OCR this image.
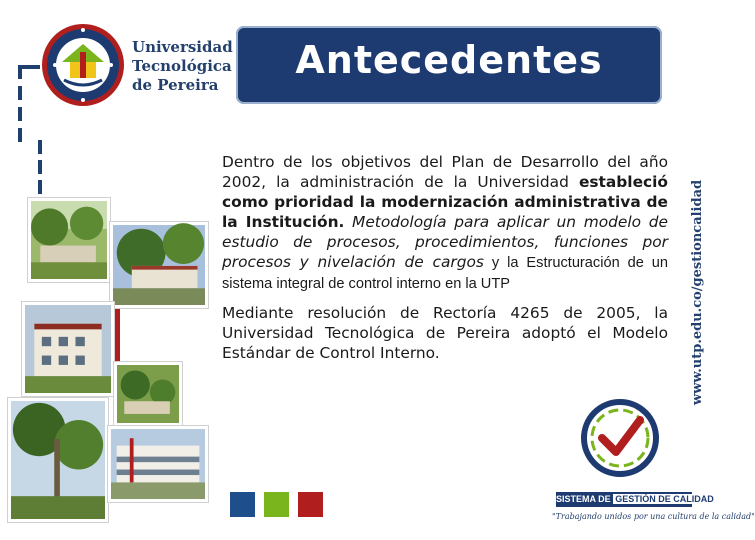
Universidad
Tecnológica
de Pereira
Antecedentes
www.utp.edu.co/gestioncalidad

Dentro de los objetivos del Plan de Desarrollo del año 2002, la administración de la Universidad estableció como prioridad la modernización administrativa de la Institución. Metodología para aplicar un modelo de estudio de procesos, procedimientos, funciones por procesos y nivelación de cargos y la Estructuración de un sistema integral de control interno en la UTP

Mediante resolución de Rectoría 4265 de 2005, la Universidad Tecnológica de Pereira adoptó el Modelo Estándar de Control Interno.

SISTEMA DE GESTIÓN DE CALIDAD
"Trabajando unidos por una cultura de la calidad"
